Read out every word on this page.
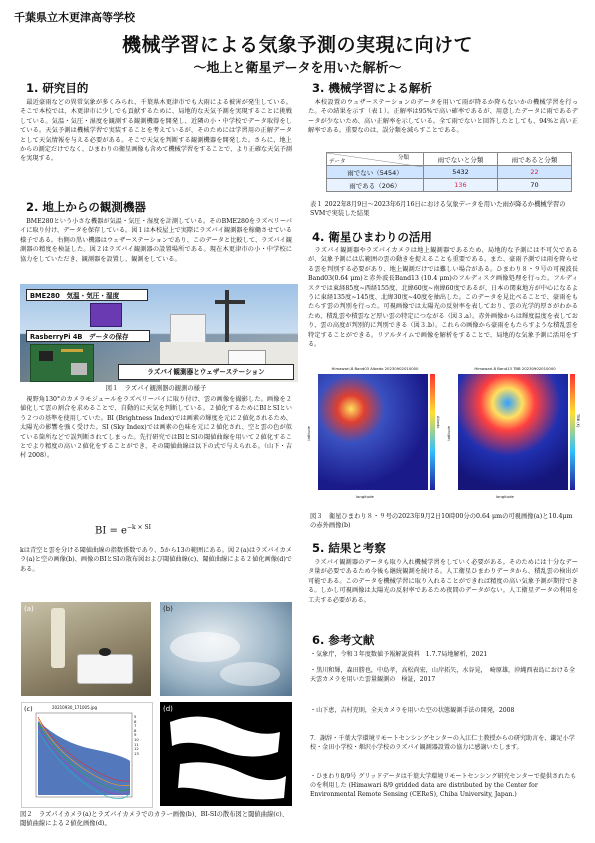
千葉県立木更津高等学校
機械学習による気象予測の実現に向けて
〜地上と衛星データを用いた解析〜
1. 研究目的
　最近豪雨などの異常気象が多くみられ、千葉県木更津市でも大雨による被害が発生している。そこで本校では、木更津市に少しでも貢献するために、局地的な天気予測を実現することに挑戦している。気温・気圧・湿度を観測する観測機器を開発し、近隣の小・中学校でデータ取得をしている。天気予測は機械学習で実装することを考えているが、そのためには学習用の正解データとして天気情報を与える必要がある。そこで天気を判断する観測機器を開発した。さらに、地上からの測定だけでなく、ひまわりの衛星画像も含めて機械学習をすることで、より正確な天気予測を実現する。
2. 地上からの観測機器
　BME280という小さな機器が気温・気圧・湿度を計測している。そのBME280をラズベリーパイに取り付け、データを保存している。図１は本校屋上で実際にラズパイ観測器を稼働させている様子である。右側の黒い機器はウェザーステーションであり、このデータと比較して、ラズパイ観測器の精度を検証した。図２はラズパイ観測器の設置場所である。現在木更津市の小・中学校に協力をしていただき、観測器を設置し、観測をしている。
BME280　気温・気圧・湿度
RasberryPi 4B　データの保存
ラズパイ観測器とウェザーステーション
図１　ラズパイ観測器の観測の様子
　視野角130°のカメラモジュールをラズベリーパイに取り付け、雲の画像を撮影した。画像を２値化して雲の割合を求めることで、自動的に天気を判断している。２値化するためにBIとSIという２つの基準を使用していた。BI (Brightness Index)では画素の輝度を元に２値化されるため、太陽光の影響を強く受けた。SI (Sky Index)では画素の色味を元に２値化され、空と雲の色が似ている箇所などで誤判断されてしまった。先行研究ではBIとSIの閾値曲線を用いて２値化することでより精度の高い２値化をすることができ、その閾値曲線は以下の式で与えられる。（山下・吉村 2008）。
BI = $e^{-k \times SI}$
kは青空と雲を分ける閾値曲線の指数係数であり、5から13の範囲にある。図２(a)はラズパイカメラ(a)と空の画像(b)、画像のBIとSIの散布図および閾値曲線(c)、閾値曲線による２値化画像(d)である。
(a)	(b)
(c)	20210930_171005.jpg
5
6
7
8
9
10
11
12
13
(d)
図２　ラズパイカメラ(a)とラズパイカメラでのカラー画像(b)、BI-SIの散布図と閾値曲線(c)、閾値曲線による２値化画像(d)。
3. 機械学習による解析
　本校設置のウェザーステーションのデータを用いて雨が降るか降らないかの機械学習を行った。その結果を示す（表１）。正解率は95%で高い確率であるが、用意したデータに雨であるデータが少ないため、高い正解率を示している。全て雨でないと回答したとしても、94%と高い正解率である。重要なのは、誤分類を減らすことである。
分類
データ	雨でないと分類	雨であると分類
雨でない（5454）	5432	22
雨である（206）	136	70
表１ 2022年8月9日〜2023年6月16日における気象データを用いた雨が降るか機械学習のSVMで実装した結果
4. 衛星ひまわりの活用
　ラズパイ観測器やラズパイカメラは地上観測器であるため、局地的な予測には不可欠であるが、気象予測には広範囲の雲の動きを捉えることも重要である。また、豪雨予測では雨を降らせる雲を判別する必要があり、地上観測だけでは難しい場合がある。ひまわり８・９号の可視波長Band03(0.64 μm)と赤外波長Band13 (10.4 μm)のフルディスク画像処理を行った。フルディスクでは東経85度~西経155度、北緯60度~南緯60度であるが、日本の関東地方が中心になるように東経135度~145度、北緯30度~40度を抽出した。このデータを見比べることで、豪雨をもたらす雲の判別を行った。可視画像では太陽光の反射率を表しており、雲の光学的厚さがわかるため、積乱雲や積雲など厚い雲の特定につながる（図３.a）。赤外画像からは輝度温度を表しており、雲の高度が判別的に判別できる（図３.b）。これらの画像から豪雨をもたらすような積乱雲を特定することができる。リアルタイムで画像を解析をすることで、局地的な気象予測に活用をする。
Himawari-8 Band03 Albedo 20230902010000
Albedo
latitude
longitude
Himawari-8 Band13 TBB 20230902010000
TBB (K)
latitude
longitude
図３　衛星ひまわり８・９号の2023年9月2日10時00分の0.64 μmの可視画像(a)と10.4μmの赤外画像(b)
5. 結果と考察
　ラズパイ観測器のデータも取り入れ機械学習をしていく必要がある。そのためには十分なデータ量が必要であるため今後も継続観測を続ける。人工衛星ひまわりデータから、積乱雲の検出が可能である。このデータを機械学習に取り入れることができれば精度の高い気象予測が期待できる。しかし可視画像は太陽光の反射率であるため夜間のデータがない。人工衛星データの利用を工夫する必要がある。
6. 参考文献
・気象庁，令和３年度数値予報解説資料　1.7.7局地解析，2021
・黒川和輝，森田勝也，中島孝，高松尚宏，山岸拓矢，水谷晃，　崎原雄，沖縄西表島における全天雲カメラを用いた雲量観測の　検証，2017
・山下恵，吉村充則，全天カメラを用いた空の状態観測手法の開発，2008
7．謝辞・千葉大学環境リモートセンシングセンターの入江仁士教授からの研究助言を、鎌足小学校・金田小学校・畑沢小学校のラズパイ観測器設置の協力に感謝いたします。
・ひまわり8/9号 グリッドデータは千葉大学環境リモートセンシング研究センターで提供されたものを利用した (Himawari 8/9 gridded data are distributed by the Center for Environmental Remote Sensing (CEReS), Chiba University, Japan.)
